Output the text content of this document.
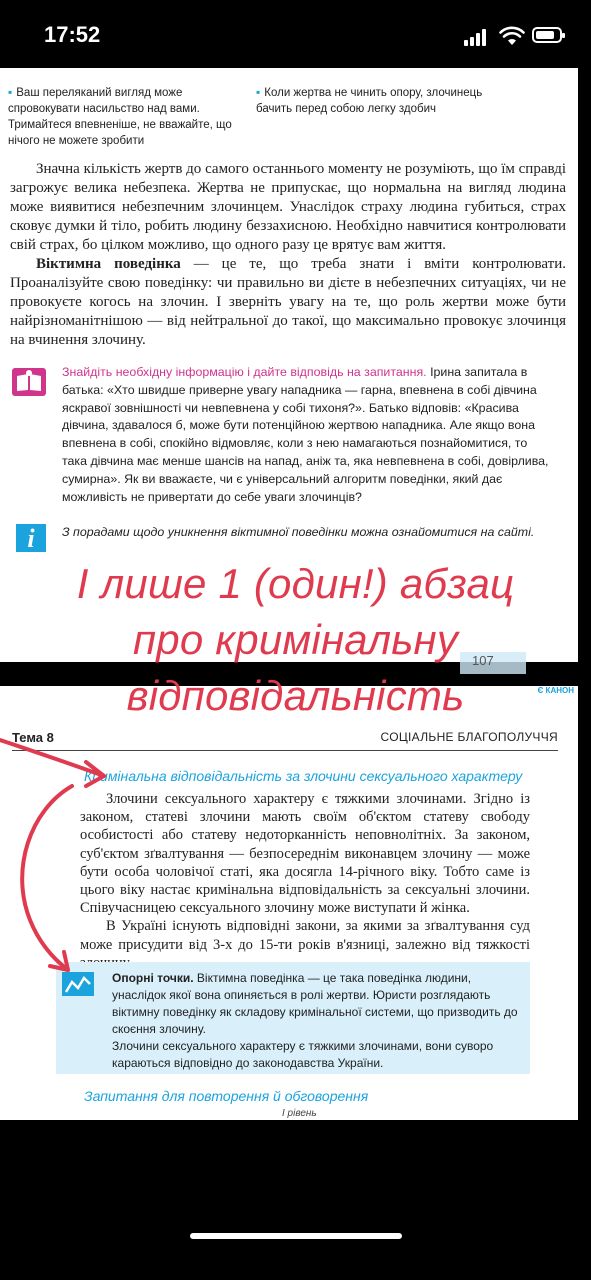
17:52
▪ Ваш переляканий вигляд може спровокувати насильство над вами. Тримайтеся впевненіше, не вважайте, що нічого не можете зробити
▪ Коли жертва не чинить опору, злочинець бачить перед собою легку здобич

Значна кількість жертв до самого останнього моменту не розуміють, що їм справді загрожує велика небезпека. Жертва не припускає, що нормальна на вигляд людина може виявитися небезпечним злочинцем. Унаслідок страху людина губиться, страх сковує думки й тіло, робить людину беззахисною. Необхідно навчитися контролювати свій страх, бо цілком можливо, що одного разу це врятує вам життя.

Віктимна поведінка — це те, що треба знати і вміти контролювати. Проаналізуйте свою поведінку: чи правильно ви дієте в небезпечних ситуаціях, чи не провокуєте когось на злочин. І зверніть увагу на те, що роль жертви може бути найрізноманітнішою — від нейтральної до такої, що максимально провокує злочинця на вчинення злочину.

Знайдіть необхідну інформацію і дайте відповідь на запитання. Ірина запитала в батька: «Хто швидше приверне увагу нападника — гарна, впевнена в собі дівчина яскравої зовнішності чи невпевнена у собі тихоня?». Батько відповів: «Красива дівчина, здавалося б, може бути потенційною жертвою нападника. Але якщо вона впевнена в собі, спокійно відмовляє, коли з нею намагаються познайомитися, то така дівчина має менше шансів на напад, аніж та, яка невпевнена в собі, довірлива, сумирна». Як ви вважаєте, чи є універсальний алгоритм поведінки, який дає можливість не привертати до себе уваги злочинців?
i З порадами щодо уникнення віктимної поведінки можна ознайомитися на сайті.
107
Є КАНОН
Тема 8	СОЦІАЛЬНЕ БЛАГОПОЛУЧЧЯ
Кримінальна відповідальність за злочини сексуального характеру

Злочини сексуального характеру є тяжкими злочинами. Згідно із законом, статеві злочини мають своїм об'єктом статеву свободу особистості або статеву недоторканність неповнолітніх. За законом, суб'єктом зґвалтування — безпосереднім виконавцем злочину — може бути особа чоловічої статі, яка досягла 14-річного віку. Тобто саме із цього віку настає кримінальна відповідальність за сексуальні злочини. Співучасницею сексуального злочину може виступати й жінка.

В Україні існують відповідні закони, за якими за зґвалтування суд може присудити від 3-х до 15-ти років в'язниці, залежно від тяжкості

Опорні точки. Віктимна поведінка — це така поведінка людини, унаслідок якої вона опиняється в ролі жертви. Юристи розглядають віктимну поведінку як складову кримінальної системи, що призводить до скоєння злочину.
Злочини сексуального характеру є тяжкими злочинами, вони суворо караються відповідно до законодавства України.
Запитання для повторення й обговорення
І рівень
І лише 1 (один!) абзац
про кримінальну
відповідальність
